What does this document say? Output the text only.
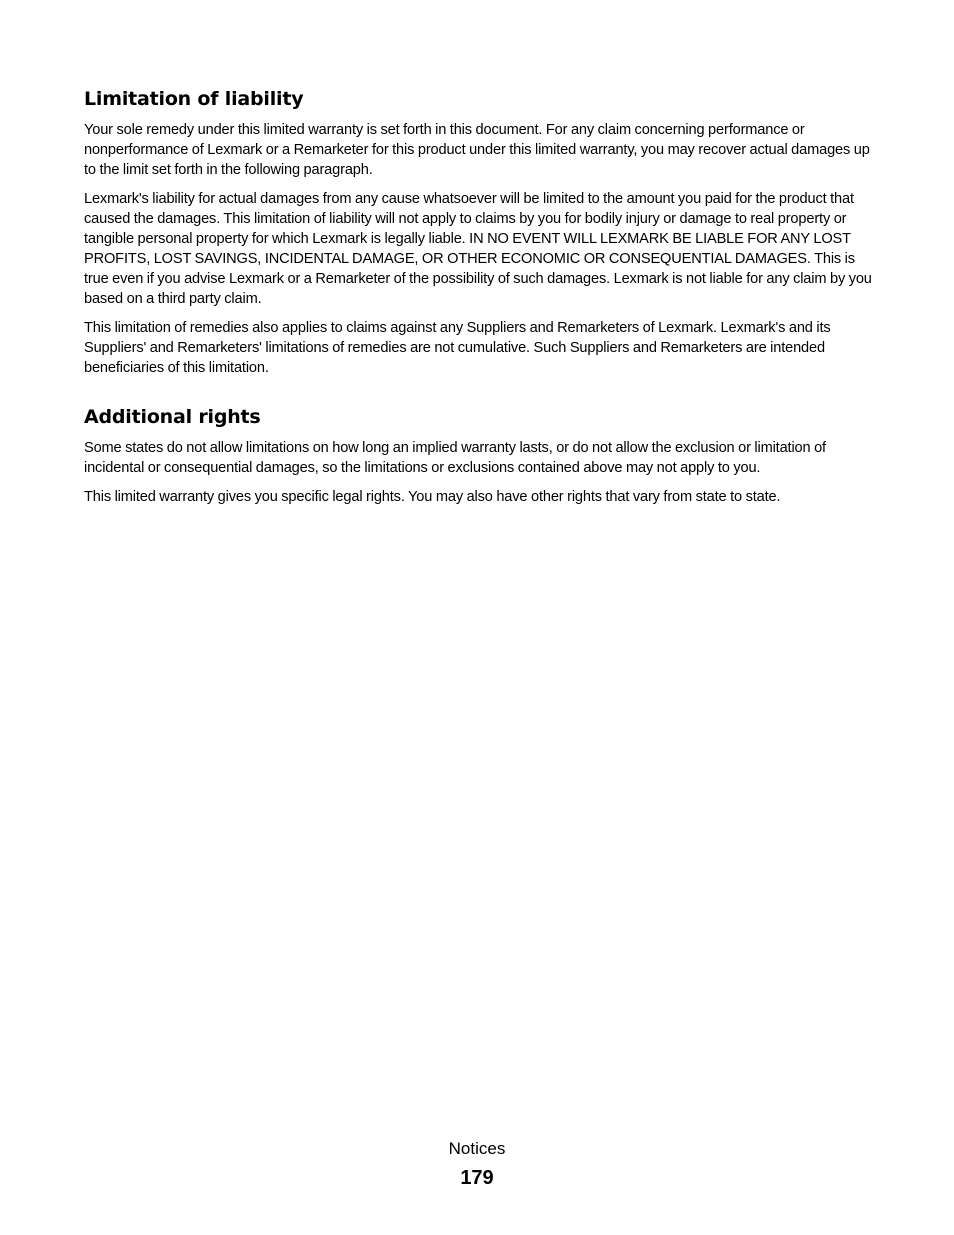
Limitation of liability

Your sole remedy under this limited warranty is set forth in this document. For any claim concerning performance or nonperformance of Lexmark or a Remarketer for this product under this limited warranty, you may recover actual damages up to the limit set forth in the following paragraph.

Lexmark's liability for actual damages from any cause whatsoever will be limited to the amount you paid for the product that caused the damages. This limitation of liability will not apply to claims by you for bodily injury or damage to real property or tangible personal property for which Lexmark is legally liable. IN NO EVENT WILL LEXMARK BE LIABLE FOR ANY LOST PROFITS, LOST SAVINGS, INCIDENTAL DAMAGE, OR OTHER ECONOMIC OR CONSEQUENTIAL DAMAGES. This is true even if you advise Lexmark or a Remarketer of the possibility of such damages. Lexmark is not liable for any claim by you based on a third party claim.

This limitation of remedies also applies to claims against any Suppliers and Remarketers of Lexmark. Lexmark's and its Suppliers' and Remarketers' limitations of remedies are not cumulative. Such Suppliers and Remarketers are intended beneficiaries of this limitation.

Additional rights

Some states do not allow limitations on how long an implied warranty lasts, or do not allow the exclusion or limitation of incidental or consequential damages, so the limitations or exclusions contained above may not apply to you.

This limited warranty gives you specific legal rights. You may also have other rights that vary from state to state.

Notices
179
